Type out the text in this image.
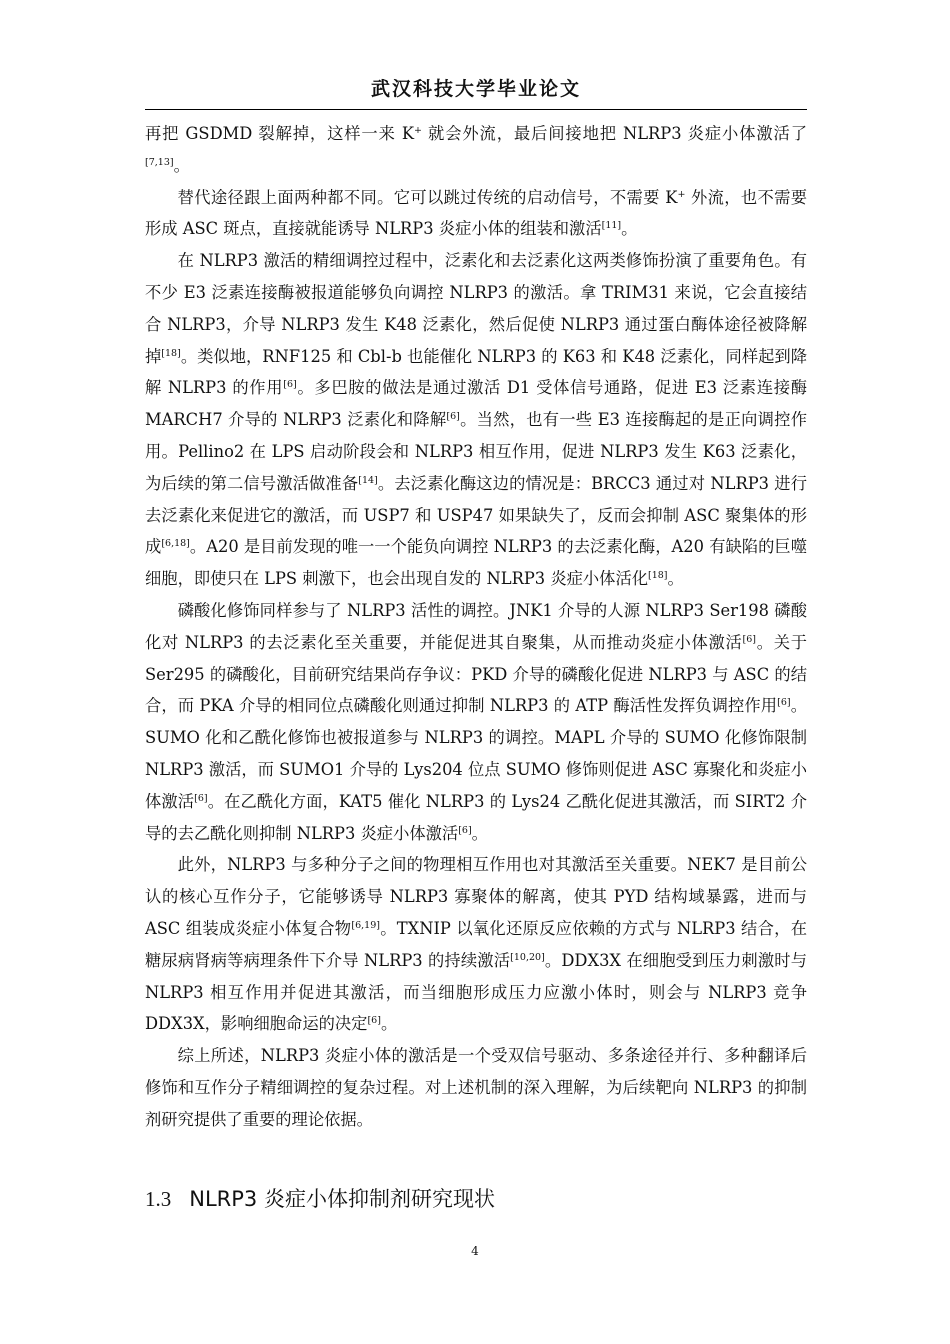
武汉科技大学毕业论文

再把 GSDMD 裂解掉，这样一来 K+ 就会外流，最后间接地把 NLRP3 炎症小体激活了[7,13]。

替代途径跟上面两种都不同。它可以跳过传统的启动信号，不需要 K+ 外流，也不需要形成 ASC 斑点，直接就能诱导 NLRP3 炎症小体的组装和激活[11]。

在 NLRP3 激活的精细调控过程中，泛素化和去泛素化这两类修饰扮演了重要角色。有不少 E3 泛素连接酶被报道能够负向调控 NLRP3 的激活。拿 TRIM31 来说，它会直接结合 NLRP3，介导 NLRP3 发生 K48 泛素化，然后促使 NLRP3 通过蛋白酶体途径被降解掉[18]。类似地，RNF125 和 Cbl-b 也能催化 NLRP3 的 K63 和 K48 泛素化，同样起到降解 NLRP3 的作用[6]。多巴胺的做法是通过激活 D1 受体信号通路，促进 E3 泛素连接酶 MARCH7 介导的 NLRP3 泛素化和降解[6]。当然，也有一些 E3 连接酶起的是正向调控作用。Pellino2 在 LPS 启动阶段会和 NLRP3 相互作用，促进 NLRP3 发生 K63 泛素化，为后续的第二信号激活做准备[14]。去泛素化酶这边的情况是：BRCC3 通过对 NLRP3 进行去泛素化来促进它的激活，而 USP7 和 USP47 如果缺失了，反而会抑制 ASC 聚集体的形成[6,18]。A20 是目前发现的唯一一个能负向调控 NLRP3 的去泛素化酶，A20 有缺陷的巨噬细胞，即使只在 LPS 刺激下，也会出现自发的 NLRP3 炎症小体活化[18]。

磷酸化修饰同样参与了 NLRP3 活性的调控。JNK1 介导的人源 NLRP3 Ser198 磷酸化对 NLRP3 的去泛素化至关重要，并能促进其自聚集，从而推动炎症小体激活[6]。关于 Ser295 的磷酸化，目前研究结果尚存争议：PKD 介导的磷酸化促进 NLRP3 与 ASC 的结合，而 PKA 介导的相同位点磷酸化则通过抑制 NLRP3 的 ATP 酶活性发挥负调控作用[6]。SUMO 化和乙酰化修饰也被报道参与 NLRP3 的调控。MAPL 介导的 SUMO 化修饰限制 NLRP3 激活，而 SUMO1 介导的 Lys204 位点 SUMO 修饰则促进 ASC 寡聚化和炎症小体激活[6]。在乙酰化方面，KAT5 催化 NLRP3 的 Lys24 乙酰化促进其激活，而 SIRT2 介导的去乙酰化则抑制 NLRP3 炎症小体激活[6]。

此外，NLRP3 与多种分子之间的物理相互作用也对其激活至关重要。NEK7 是目前公认的核心互作分子，它能够诱导 NLRP3 寡聚体的解离，使其 PYD 结构域暴露，进而与 ASC 组装成炎症小体复合物[6,19]。TXNIP 以氧化还原反应依赖的方式与 NLRP3 结合，在糖尿病肾病等病理条件下介导 NLRP3 的持续激活[10,20]。DDX3X 在细胞受到压力刺激时与 NLRP3 相互作用并促进其激活，而当细胞形成压力应激小体时，则会与 NLRP3 竞争 DDX3X，影响细胞命运的决定[6]。

综上所述，NLRP3 炎症小体的激活是一个受双信号驱动、多条途径并行、多种翻译后修饰和互作分子精细调控的复杂过程。对上述机制的深入理解，为后续靶向 NLRP3 的抑制剂研究提供了重要的理论依据。

1.3 NLRP3 炎症小体抑制剂研究现状
4
